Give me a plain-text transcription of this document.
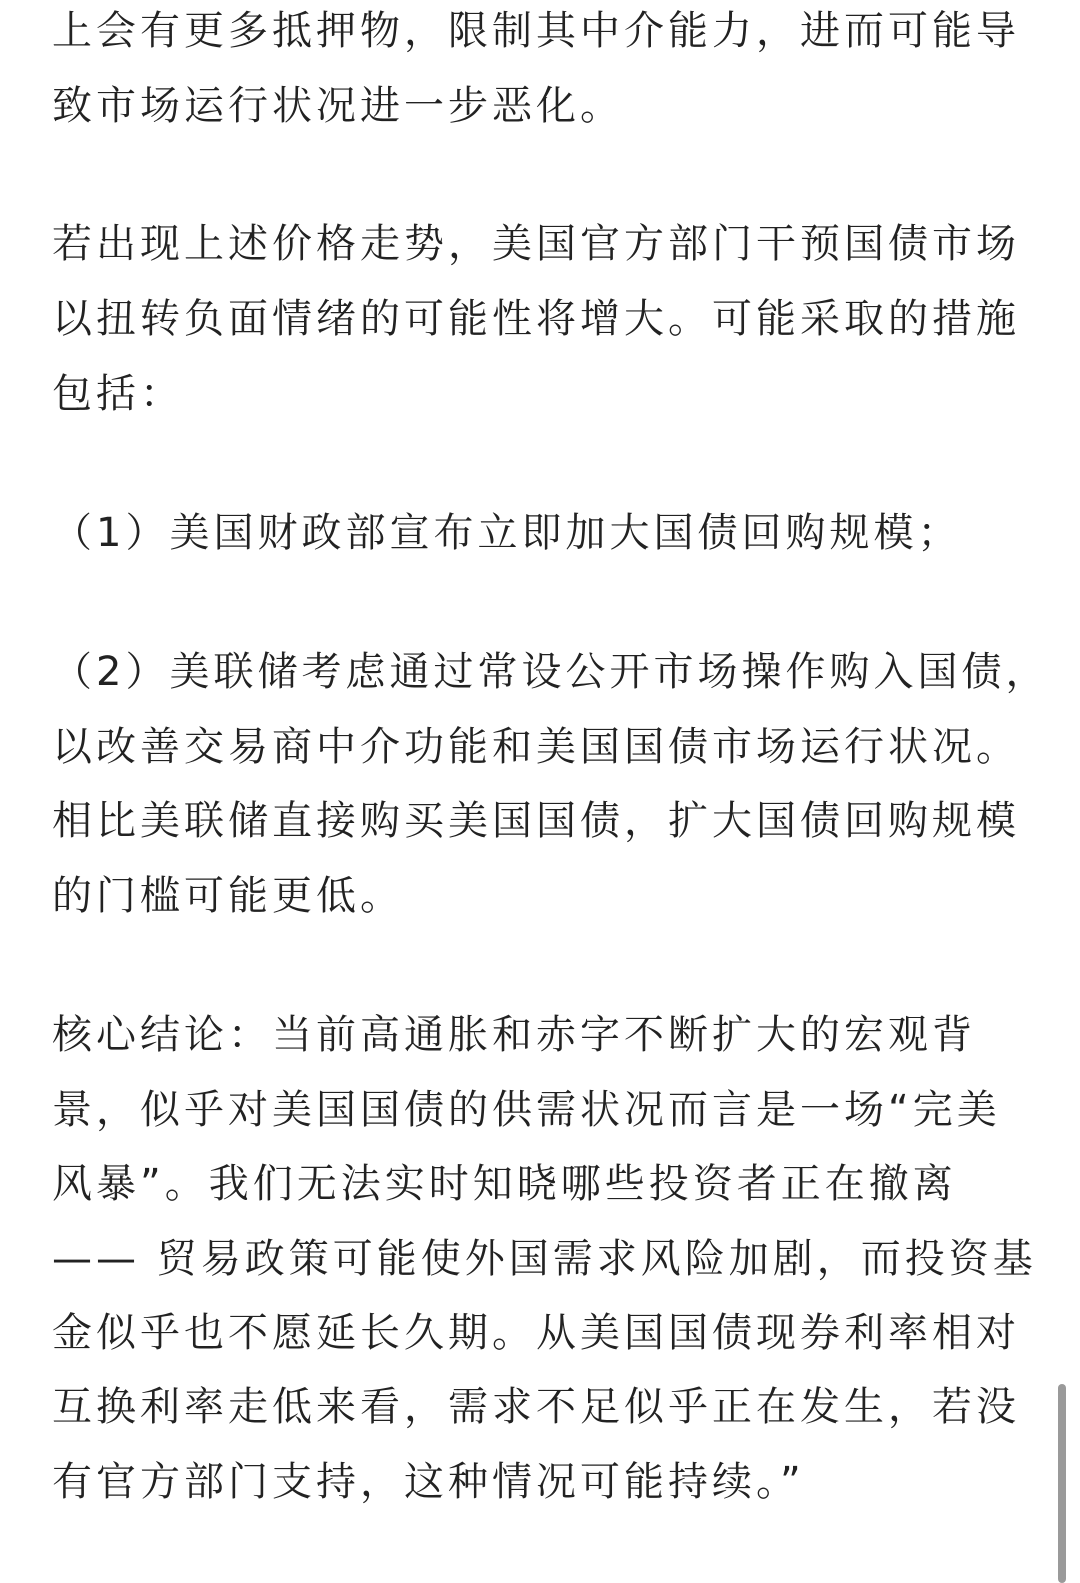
上会有更多抵押物，限制其中介能力，进而可能导
致市场运行状况进一步恶化。
若出现上述价格走势，美国官方部门干预国债市场
以扭转负面情绪的可能性将增大。可能采取的措施
包括：
（1）美国财政部宣布立即加大国债回购规模；
（2）美联储考虑通过常设公开市场操作购入国债，
以改善交易商中介功能和美国国债市场运行状况。
相比美联储直接购买美国国债，扩大国债回购规模
的门槛可能更低。
核心结论：当前高通胀和赤字不断扩大的宏观背
景，似乎对美国国债的供需状况而言是一场“完美
风暴”。我们无法实时知晓哪些投资者正在撤离
—— 贸易政策可能使外国需求风险加剧，而投资基
金似乎也不愿延长久期。从美国国债现券利率相对
互换利率走低来看，需求不足似乎正在发生，若没
有官方部门支持，这种情况可能持续。”
